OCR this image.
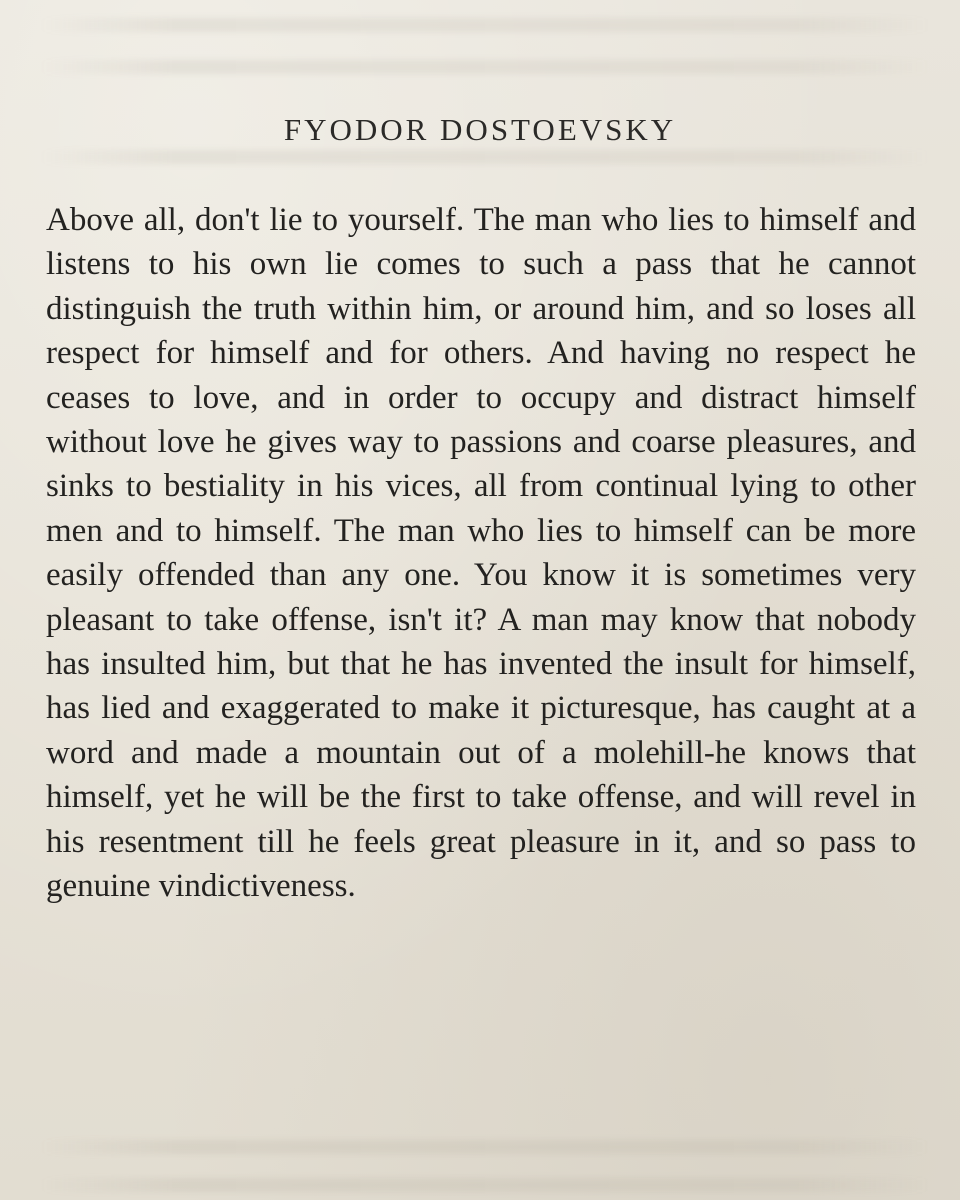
FYODOR DOSTOEVSKY

Above all, don't lie to yourself. The man who lies to himself and listens to his own lie comes to such a pass that he cannot distinguish the truth within him, or around him, and so loses all respect for himself and for others. And having no respect he ceases to love, and in order to occupy and distract himself without love he gives way to passions and coarse pleasures, and sinks to bestiality in his vices, all from continual lying to other men and to himself. The man who lies to himself can be more easily offended than any one. You know it is sometimes very pleasant to take offense, isn't it? A man may know that nobody has insulted him, but that he has invented the insult for himself, has lied and exaggerated to make it picturesque, has caught at a word and made a mountain out of a molehill-he knows that himself, yet he will be the first to take offense, and will revel in his resentment till he feels great pleasure in it, and so pass to genuine vindictiveness.
